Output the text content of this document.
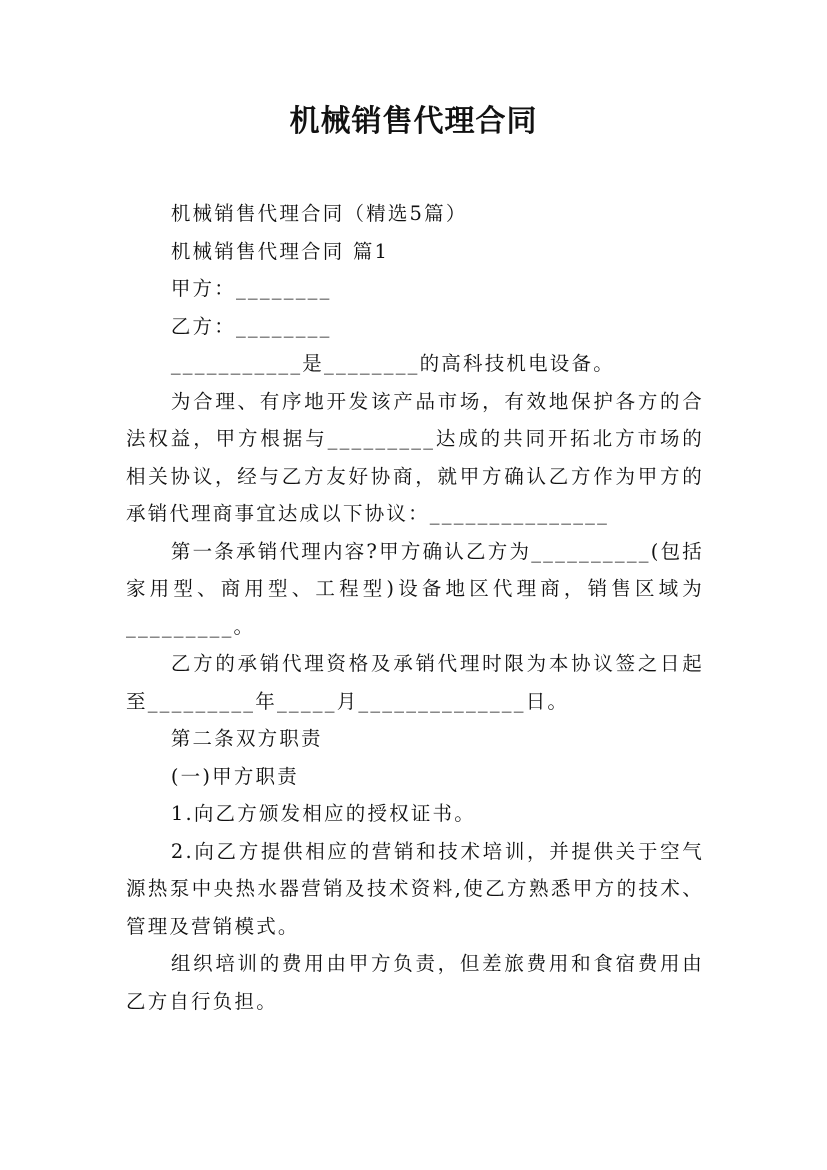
机械销售代理合同

机械销售代理合同（精选5篇）

机械销售代理合同 篇1

甲方：________

乙方：________

___________是________的高科技机电设备。

为合理、有序地开发该产品市场，有效地保护各方的合法权益，甲方根据与_________达成的共同开拓北方市场的相关协议，经与乙方友好协商，就甲方确认乙方作为甲方的承销代理商事宜达成以下协议：_______________

第一条承销代理内容?甲方确认乙方为__________(包括家用型、商用型、工程型)设备地区代理商，销售区域为_________。

乙方的承销代理资格及承销代理时限为本协议签之日起至_________年_____月______________日。

第二条双方职责

(一)甲方职责

1.向乙方颁发相应的授权证书。

2.向乙方提供相应的营销和技术培训，并提供关于空气源热泵中央热水器营销及技术资料,使乙方熟悉甲方的技术、管理及营销模式。

组织培训的费用由甲方负责，但差旅费用和食宿费用由乙方自行负担。
